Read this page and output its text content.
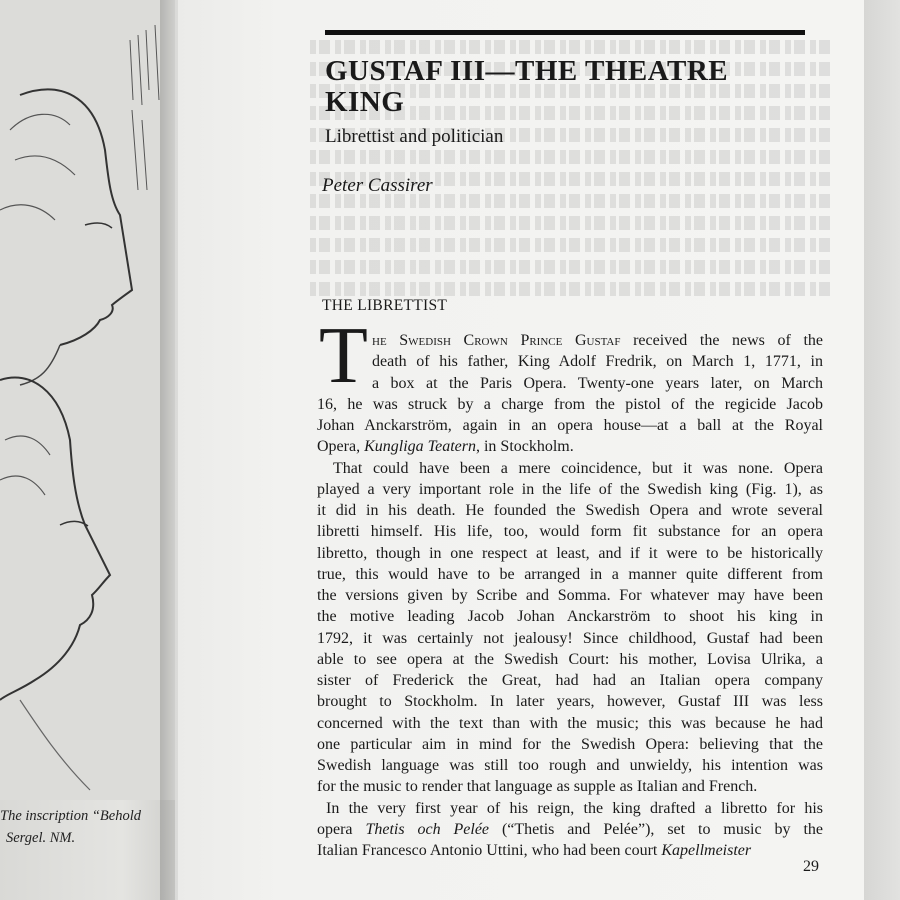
The inscription “Behold
Sergel. NM.
GUSTAF III—THE THEATRE
KING

Librettist and politician

Peter Cassirer

THE LIBRETTIST

T he Swedish Crown Prince Gustaf received the news of the
death of his father, King Adolf Fredrik, on March 1, 1771, in
a box at the Paris Opera. Twenty-one years later, on March
16, he was struck by a charge from the pistol of the regicide Jacob
Johan Anckarström, again in an opera house—at a ball at the Royal
Opera, Kungliga Teatern, in Stockholm.
That could have been a mere coincidence, but it was none. Opera
played a very important role in the life of the Swedish king (Fig. 1), as
it did in his death. He founded the Swedish Opera and wrote several
libretti himself. His life, too, would form fit substance for an opera
libretto, though in one respect at least, and if it were to be historically
true, this would have to be arranged in a manner quite different from
the versions given by Scribe and Somma. For whatever may have been
the motive leading Jacob Johan Anckarström to shoot his king in
1792, it was certainly not jealousy! Since childhood, Gustaf had been
able to see opera at the Swedish Court: his mother, Lovisa Ulrika, a
sister of Frederick the Great, had had an Italian opera company
brought to Stockholm. In later years, however, Gustaf III was less
concerned with the text than with the music; this was because he had
one particular aim in mind for the Swedish Opera: believing that the
Swedish language was still too rough and unwieldy, his intention was
for the music to render that language as supple as Italian and French.
In the very first year of his reign, the king drafted a libretto for his
opera Thetis och Pelée (“Thetis and Pelée”), set to music by the
Italian Francesco Antonio Uttini, who had been court Kapellmeister
29
